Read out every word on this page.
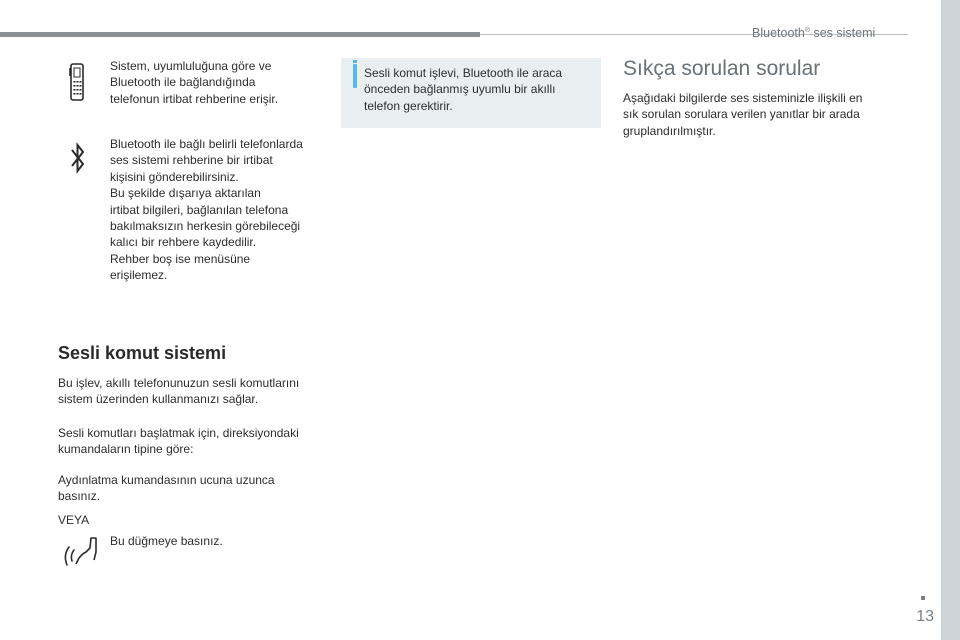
Bluetooth® ses sistemi
13

Sistem, uyumluluğuna göre ve
Bluetooth ile bağlandığında
telefonun irtibat rehberine erişir.

Bluetooth ile bağlı belirli telefonlarda
ses sistemi rehberine bir irtibat
kişisini gönderebilirsiniz.
Bu şekilde dışarıya aktarılan
irtibat bilgileri, bağlanılan telefona
bakılmaksızın herkesin görebileceği
kalıcı bir rehbere kaydedilir.
Rehber boş ise menüsüne
erişilemez.

Sesli komut sistemi

Bu işlev, akıllı telefonunuzun sesli komutlarını
sistem üzerinden kullanmanızı sağlar.

Sesli komutları başlatmak için, direksiyondaki
kumandaların tipine göre:

Aydınlatma kumandasının ucuna uzunca
basınız.

VEYA

Bu düğmeye basınız.

Sesli komut işlevi, Bluetooth ile araca
önceden bağlanmış uyumlu bir akıllı
telefon gerektirir.

Sıkça sorulan sorular

Aşağıdaki bilgilerde ses sisteminizle ilişkili en
sık sorulan sorulara verilen yanıtlar bir arada
gruplandırılmıştır.
